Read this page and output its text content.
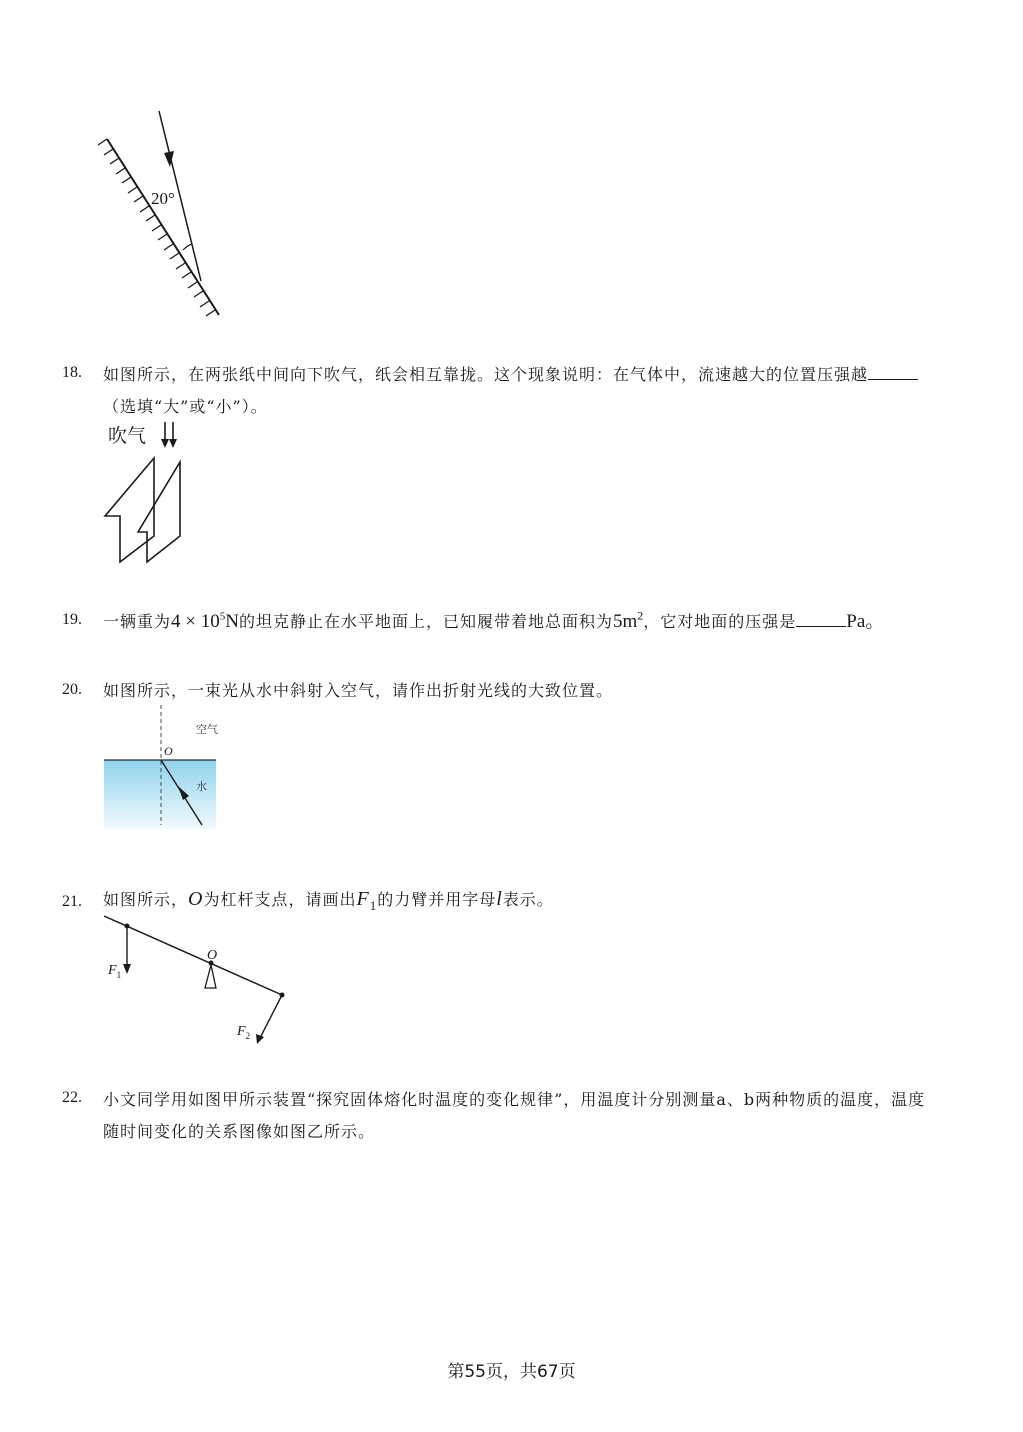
20°
18. 如图所示，在两张纸中间向下吹气，纸会相互靠拢。这个现象说明：在气体中，流速越大的位置压强越
（选填“大”或“小”）。
吹气
19. 一辆重为$4 \times 10^5N$的坦克静止在水平地面上，已知履带着地总面积为$5m^2$，它对地面的压强是	Pa。
20. 如图所示，一束光从水中斜射入空气，请作出折射光线的大致位置。
空气
O
水
21. 如图所示，O为杠杆支点，请画出$F_1$的力臂并用字母l表示。
$F_1$
O
$F_2$
22. 小文同学用如图甲所示装置“探究固体熔化时温度的变化规律”，用温度计分别测量a、b两种物质的温度，温度
随时间变化的关系图像如图乙所示。
第55页，共67页
